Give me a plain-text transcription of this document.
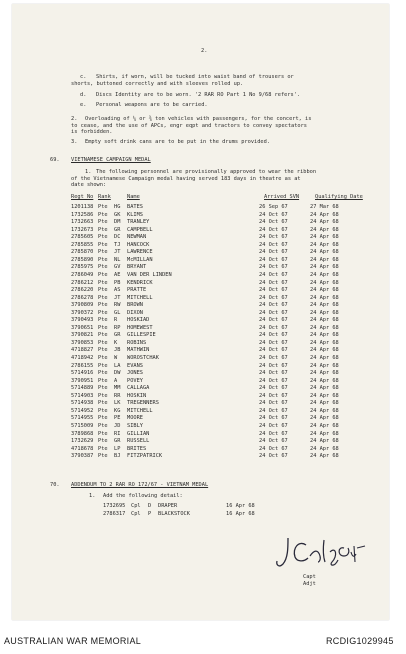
2.
c. Shirts, if worn, will be tucked into waist band of trousers or
shorts, buttoned correctly and with sleeves rolled up.
d. Discs Identity are to be worn. '2 RAR RO Part 1 No 9/68 refers'.
e. Personal weapons are to be carried.
2. Overloading of ¼ or ¾ ton vehicles with passengers, for the concert, is
to cease, and the use of APCs, engr eqpt and tractors to convey spectators
is forbidden.
3. Empty soft drink cans are to be put in the drums provided.
69. VIETNAMESE CAMPAIGN MEDAL
1. The following personnel are provisionally approved to wear the ribbon
of the Vietnamese Campaign medal having served 183 days in theatre as at
date shown:
Regt No Rank	Name	Arrived SVN	Qualifying Date
1201138 Pte HG BATES	26 Sep 67	27 Mar 68
1732586 Pte GK KLIMS	24 Oct 67	24 Apr 68
1732663 Pte DM TRANLEY	24 Oct 67	24 Apr 68
1732673 Pte GR CAMPBELL	24 Oct 67	24 Apr 68
2785605 Pte DC NEWMAN	24 Oct 67	24 Apr 68
2785855 Pte TJ HANCOCK	24 Oct 67	24 Apr 68
2785870 Pte JT LAWRENCE	24 Oct 67	24 Apr 68
2785890 Pte NL McMILLAN	24 Oct 67	24 Apr 68
2785975 Pte GV BRYANT	24 Oct 67	24 Apr 68
2786049 Pte AE VAN DER LINDEN	24 Oct 67	24 Apr 68
2786212 Pte PB KENDRICK	24 Oct 67	24 Apr 68
2786220 Pte AS PRATTE	24 Oct 67	24 Apr 68
2786278 Pte JT MITCHELL	24 Oct 67	24 Apr 68
3790809 Pte RW BROWN	24 Oct 67	24 Apr 68
3790372 Pte GL DIXON	24 Oct 67	24 Apr 68
3790493 Pte R HOSKIAD	24 Oct 67	24 Apr 68
3790651 Pte RP HOMEWEST	24 Oct 67	24 Apr 68
3790821 Pte GR GILLESPIE	24 Oct 67	24 Apr 68
3790853 Pte K ROBINS	24 Oct 67	24 Apr 68
4718827 Pte JB MATHWIN	24 Oct 67	24 Apr 68
4718942 Pte W WOROSTCHAK	24 Oct 67	24 Apr 68
2786155 Pte LA EVANS	24 Oct 67	24 Apr 68
5714916 Pte DW JONES	24 Oct 67	24 Apr 68
3790951 Pte A POVEY	24 Oct 67	24 Apr 68
5714889 Pte MM CALLAGA	24 Oct 67	24 Apr 68
5714903 Pte RR HOSKIN	24 Oct 67	24 Apr 68
5714938 Pte LK TREGENNERS	24 Oct 67	24 Apr 68
5714952 Pte KG MITCHELL	24 Oct 67	24 Apr 68
5714955 Pte PE MOORE	24 Oct 67	24 Apr 68
5715009 Pte JD SIBLY	24 Oct 67	24 Apr 68
3789868 Pte RI GILLIAN	24 Oct 67	24 Apr 68
1732629 Pte GR RUSSELL	24 Oct 67	24 Apr 68
4718678 Pte LP BRITES	24 Oct 67	24 Apr 68
3790387 Pte BJ FITZPATRICK	24 Oct 67	24 Apr 68
70. ADDENDUM TO 2 RAR RO 172/67 - VIETNAM MEDAL
1. Add the following detail:
1732695 Cpl D DRAPER	16 Apr 68
2786317 Cpl P BLACKSTOCK	16 Apr 68
Capt
Adjt
AUSTRALIAN WAR MEMORIAL	RCDIG1029945
